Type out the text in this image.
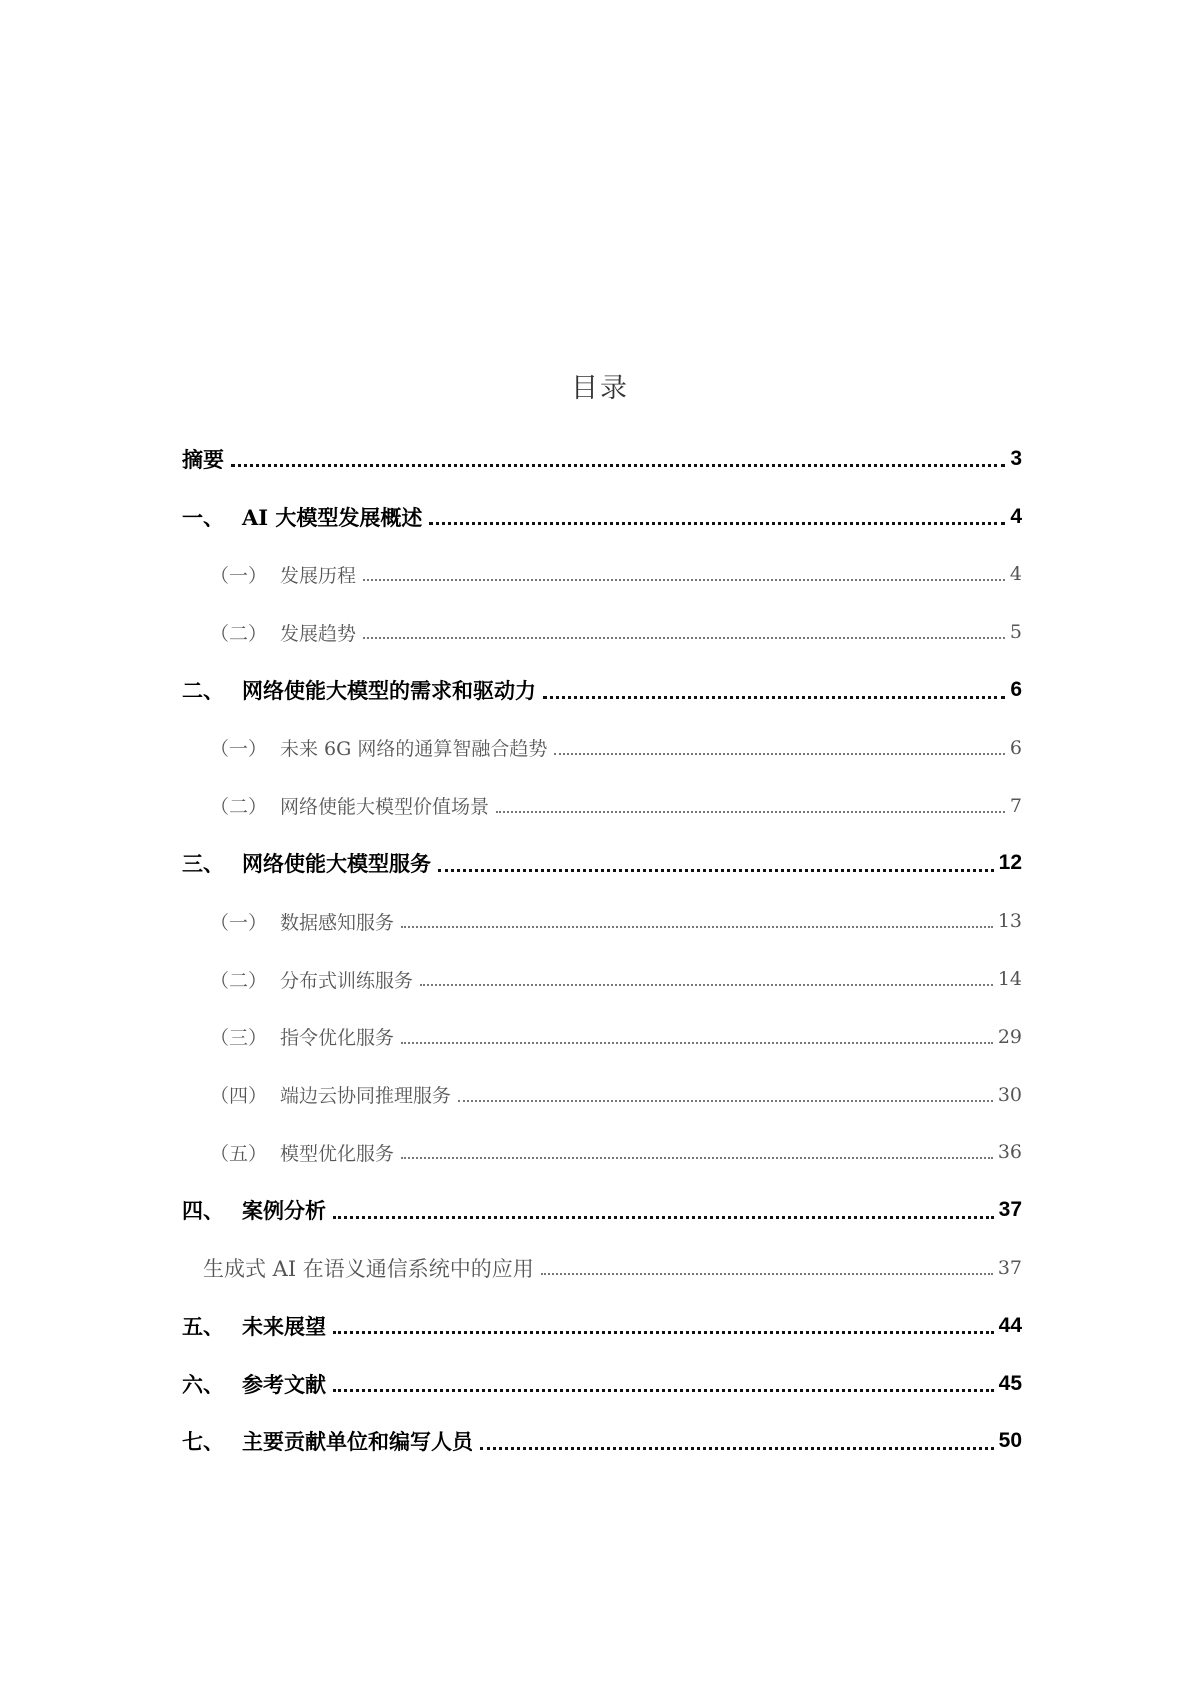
目录
摘要	3
一、 AI 大模型发展概述	4
（一） 发展历程	4
（二） 发展趋势	5
二、 网络使能大模型的需求和驱动力	6
（一） 未来 6G 网络的通算智融合趋势	6
（二） 网络使能大模型价值场景	7
三、 网络使能大模型服务	12
（一） 数据感知服务	13
（二） 分布式训练服务	14
（三） 指令优化服务	29
（四） 端边云协同推理服务	30
（五） 模型优化服务	36
四、 案例分析	37
生成式 AI 在语义通信系统中的应用	37
五、 未来展望	44
六、 参考文献	45
七、 主要贡献单位和编写人员	50
